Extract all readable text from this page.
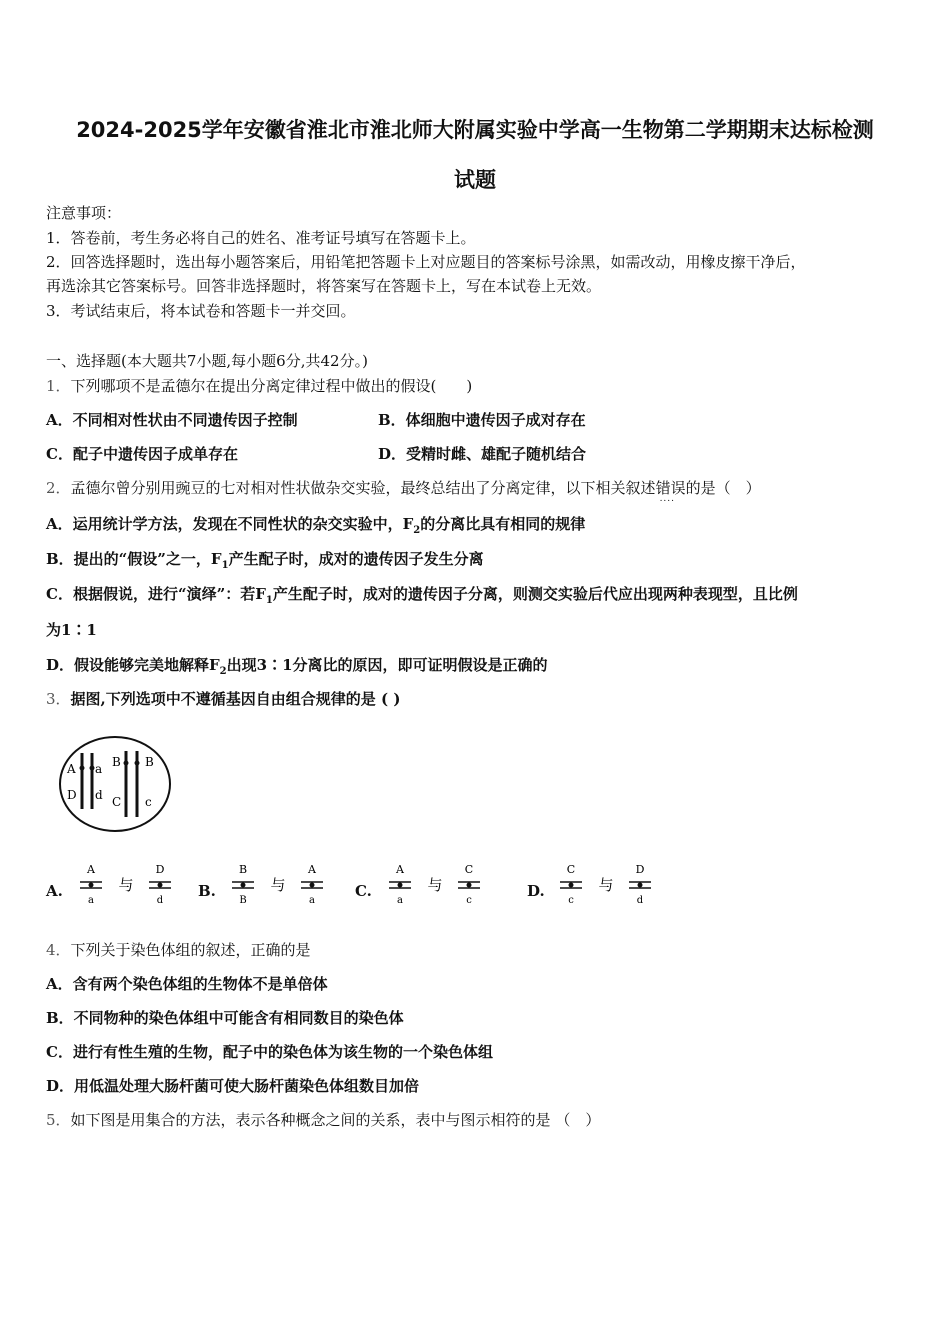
2024-2025学年安徽省淮北市淮北师大附属实验中学高一生物第二学期期末达标检测
试题
注意事项：
1．答卷前，考生务必将自己的姓名、准考证号填写在答题卡上。
2．回答选择题时，选出每小题答案后，用铅笔把答题卡上对应题目的答案标号涂黑，如需改动，用橡皮擦干净后，
再选涂其它答案标号。回答非选择题时，将答案写在答题卡上，写在本试卷上无效。
3．考试结束后，将本试卷和答题卡一并交回。
一、选择题(本大题共7小题,每小题6分,共42分。)
1．下列哪项不是孟德尔在提出分离定律过程中做出的假设(　　)
A．不同相对性状由不同遗传因子控制	B．体细胞中遗传因子成对存在
C．配子中遗传因子成单存在	D．受精时雌、雄配子随机结合
2．孟德尔曾分别用豌豆的七对相对性状做杂交实验，最终总结出了分离定律，以下相关叙述错误 ....的是（　）
A．运用统计学方法，发现在不同性状的杂交实验中，$F_2$的分离比具有相同的规律
B．提出的“假设”之一，$F_1$产生配子时，成对的遗传因子发生分离
C．根据假说，进行“演绎”：若$F_1$产生配子时，成对的遗传因子分离，则测交实验后代应出现两种表现型，且比例
为1∶1
D．假设能够完美地解释$F_2$出现3∶1分离比的原因，即可证明假设是正确的
3．据图,下列选项中不遵循基因自由组合规律的是 ( )
A a
D d
B B
C c
A.
A
a
与
D
d
B.
B
B
与
A
a
C.
A
a
与
C
c
D.
C
c
与
D
d
4．下列关于染色体组的叙述，正确的是
A．含有两个染色体组的生物体不是单倍体
B．不同物种的染色体组中可能含有相同数目的染色体
C．进行有性生殖的生物，配子中的染色体为该生物的一个染色体组
D．用低温处理大肠杆菌可使大肠杆菌染色体组数目加倍
5．如下图是用集合的方法，表示各种概念之间的关系，表中与图示相符的是 （　）
